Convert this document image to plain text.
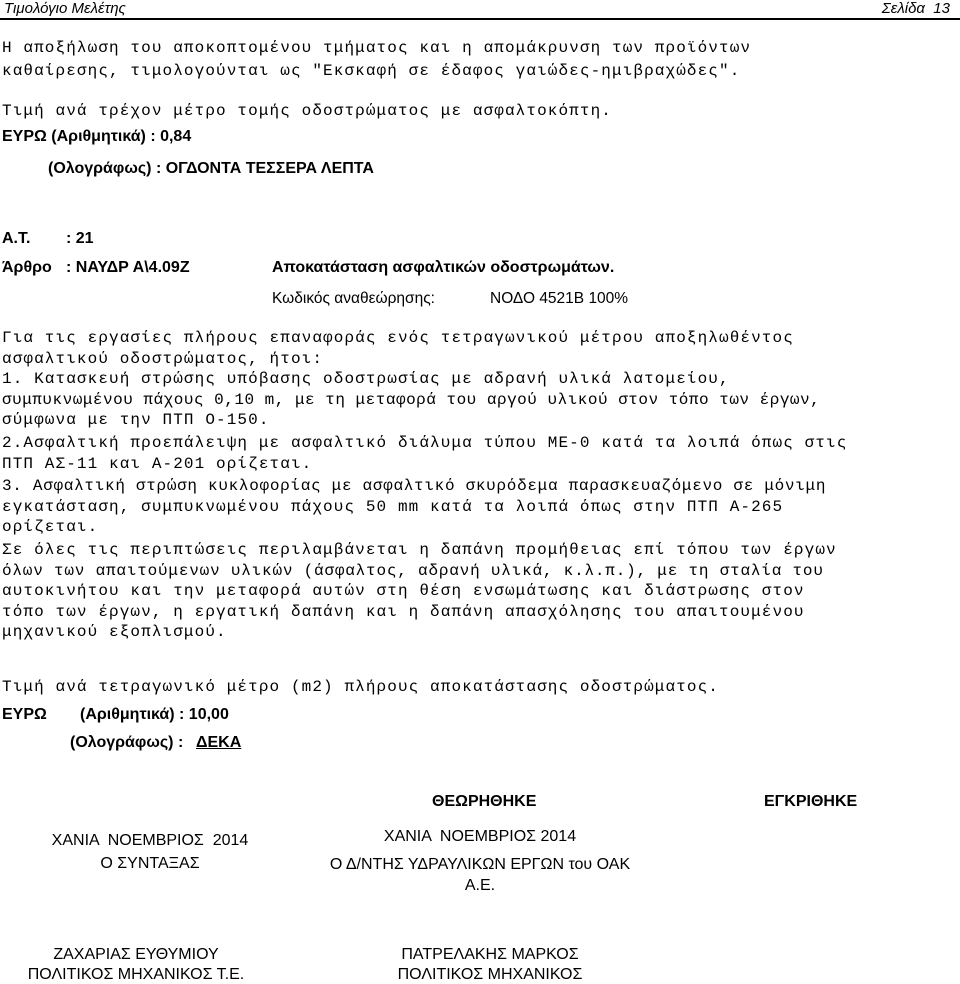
Τιμολόγιο Μελέτης	Σελίδα  13
Η αποξήλωση του αποκοπτομένου τμήματος και η απομάκρυνση των προϊόντων
καθαίρεσης, τιμολογούνται ως "Εκσκαφή σε έδαφος γαιώδες-ημιβραχώδες".
Τιμή ανά τρέχον μέτρο τομής οδοστρώματος με ασφαλτοκόπτη.
ΕΥΡΩ (Αριθμητικά) : 0,84
(Ολογράφως) : ΟΓΔΟΝΤΑ ΤΕΣΣΕΡΑ ΛΕΠΤΑ
Α.Τ. : 21
Άρθρο : ΝΑΥΔΡ Α\4.09Ζ	Αποκατάσταση ασφαλτικών οδοστρωμάτων.
Κωδικός αναθεώρησης:	ΝΟΔΟ 4521Β 100%
Για τις εργασίες πλήρους επαναφοράς ενός τετραγωνικού μέτρου αποξηλωθέντος
ασφαλτικού οδοστρώματος, ήτοι:
1. Κατασκευή στρώσης υπόβασης οδοστρωσίας με αδρανή υλικά λατομείου,
συμπυκνωμένου πάχους 0,10 m, με τη μεταφορά του αργού υλικού στον τόπο των έργων,
σύμφωνα με την ΠΤΠ Ο-150.
2.Ασφαλτική προεπάλειψη με ασφαλτικό διάλυμα τύπου ΜΕ-0 κατά τα λοιπά όπως στις
ΠΤΠ ΑΣ-11 και Α-201 ορίζεται.
3. Ασφαλτική στρώση κυκλοφορίας με ασφαλτικό σκυρόδεμα παρασκευαζόμενο σε μόνιμη
εγκατάσταση, συμπυκνωμένου πάχους 50 mm κατά τα λοιπά όπως στην ΠΤΠ Α-265
ορίζεται.
Σε όλες τις περιπτώσεις περιλαμβάνεται η δαπάνη προμήθειας επί τόπου των έργων
όλων των απαιτούμενων υλικών (άσφαλτος, αδρανή υλικά, κ.λ.π.), με τη σταλία του
αυτοκινήτου και την μεταφορά αυτών στη θέση ενσωμάτωσης και διάστρωσης στον
τόπο των έργων, η εργατική δαπάνη και η δαπάνη απασχόλησης του απαιτουμένου
μηχανικού εξοπλισμού.
Τιμή ανά τετραγωνικό μέτρο (m2) πλήρους αποκατάστασης οδοστρώματος.
ΕΥΡΩ (Αριθμητικά) : 10,00
(Ολογράφως) : ΔΕΚΑ
ΘΕΩΡΗΘΗΚΕ	ΕΓΚΡΙΘΗΚΕ
ΧΑΝΙΑ  ΝΟΕΜΒΡΙΟΣ  2014
Ο ΣΥΝΤΑΞΑΣ
ΧΑΝΙΑ  ΝΟΕΜΒΡΙΟΣ 2014
Ο Δ/ΝΤΗΣ ΥΔΡΑΥΛΙΚΩΝ ΕΡΓΩΝ του ΟΑΚ
Α.Ε.
ΖΑΧΑΡΙΑΣ ΕΥΘΥΜΙΟΥ
ΠΟΛΙΤΙΚΟΣ ΜΗΧΑΝΙΚΟΣ Τ.Ε.
ΠΑΤΡΕΛΑΚΗΣ ΜΑΡΚΟΣ
ΠΟΛΙΤΙΚΟΣ ΜΗΧΑΝΙΚΟΣ
